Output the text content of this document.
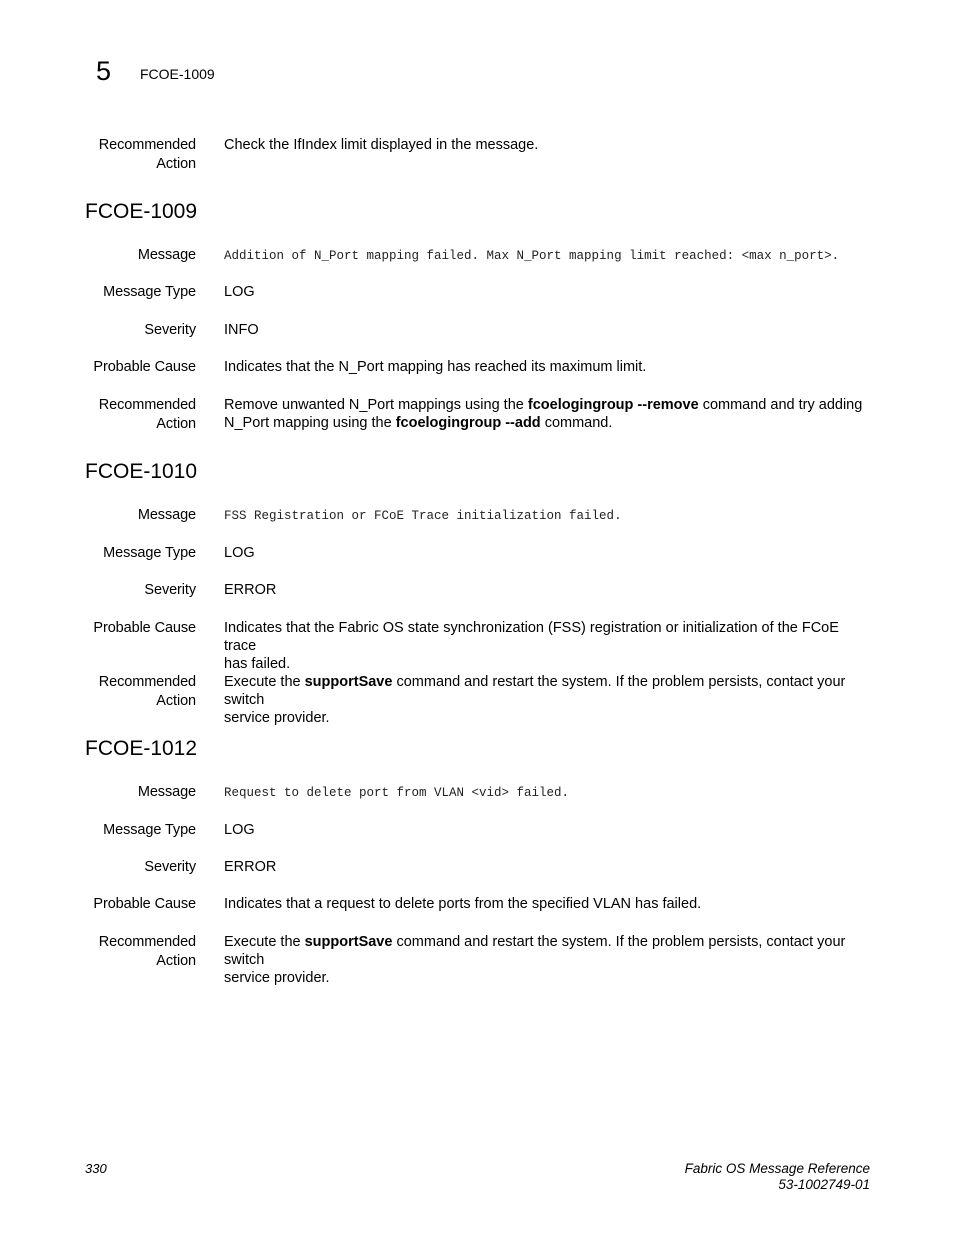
5 FCOE-1009
Recommended
Action
Check the IfIndex limit displayed in the message.
FCOE-1009
Message Addition of N_Port mapping failed. Max N_Port mapping limit reached: <max n_port>.
Message Type LOG
Severity INFO
Probable Cause Indicates that the N_Port mapping has reached its maximum limit.
Recommended
Action
Remove unwanted N_Port mappings using the fcoelogingroup --remove command and try adding
N_Port mapping using the fcoelogingroup --add command.
FCOE-1010
Message FSS Registration or FCoE Trace initialization failed.
Message Type LOG
Severity ERROR
Probable Cause Indicates that the Fabric OS state synchronization (FSS) registration or initialization of the FCoE trace
has failed.
Recommended
Action
Execute the supportSave command and restart the system. If the problem persists, contact your switch
service provider.
FCOE-1012
Message Request to delete port from VLAN <vid> failed.
Message Type LOG
Severity ERROR
Probable Cause Indicates that a request to delete ports from the specified VLAN has failed.
Recommended
Action
Execute the supportSave command and restart the system. If the problem persists, contact your switch
service provider.
330	Fabric OS Message Reference
53-1002749-01
